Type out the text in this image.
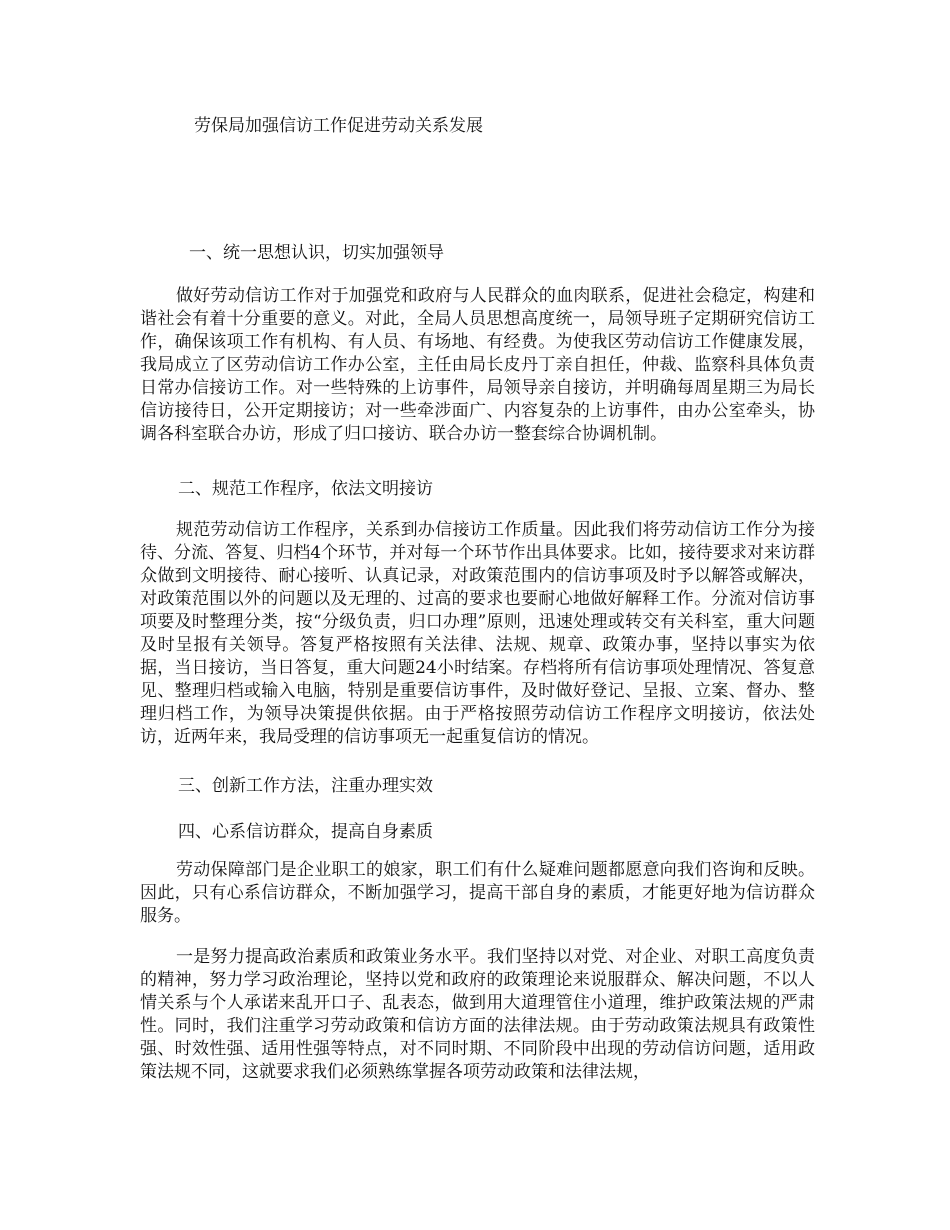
劳保局加强信访工作促进劳动关系发展
一、统一思想认识，切实加强领导
做好劳动信访工作对于加强党和政府与人民群众的血肉联系，促进社会稳定，构建和谐社会有着十分重要的意义。对此，全局人员思想高度统一，局领导班子定期研究信访工作，确保该项工作有机构、有人员、有场地、有经费。为使我区劳动信访工作健康发展，我局成立了区劳动信访工作办公室，主任由局长皮丹丁亲自担任，仲裁、监察科具体负责日常办信接访工作。对一些特殊的上访事件，局领导亲自接访，并明确每周星期三为局长信访接待日，公开定期接访；对一些牵涉面广、内容复杂的上访事件，由办公室牵头，协调各科室联合办访，形成了归口接访、联合办访一整套综合协调机制。
二、规范工作程序，依法文明接访
规范劳动信访工作程序，关系到办信接访工作质量。因此我们将劳动信访工作分为接待、分流、答复、归档4个环节，并对每一个环节作出具体要求。比如，接待要求对来访群众做到文明接待、耐心接听、认真记录，对政策范围内的信访事项及时予以解答或解决，对政策范围以外的问题以及无理的、过高的要求也要耐心地做好解释工作。分流对信访事项要及时整理分类，按“分级负责，归口办理”原则，迅速处理或转交有关科室，重大问题及时呈报有关领导。答复严格按照有关法律、法规、规章、政策办事，坚持以事实为依据，当日接访，当日答复，重大问题24小时结案。存档将所有信访事项处理情况、答复意见、整理归档或输入电脑，特别是重要信访事件，及时做好登记、呈报、立案、督办、整理归档工作，为领导决策提供依据。由于严格按照劳动信访工作程序文明接访，依法处访，近两年来，我局受理的信访事项无一起重复信访的情况。
三、创新工作方法，注重办理实效
四、心系信访群众，提高自身素质
劳动保障部门是企业职工的娘家，职工们有什么疑难问题都愿意向我们咨询和反映。因此，只有心系信访群众，不断加强学习，提高干部自身的素质，才能更好地为信访群众服务。
一是努力提高政治素质和政策业务水平。我们坚持以对党、对企业、对职工高度负责的精神，努力学习政治理论，坚持以党和政府的政策理论来说服群众、解决问题，不以人情关系与个人承诺来乱开口子、乱表态，做到用大道理管住小道理，维护政策法规的严肃性。同时，我们注重学习劳动政策和信访方面的法律法规。由于劳动政策法规具有政策性强、时效性强、适用性强等特点，对不同时期、不同阶段中出现的劳动信访问题，适用政策法规不同，这就要求我们必须熟练掌握各项劳动政策和法律法规，
